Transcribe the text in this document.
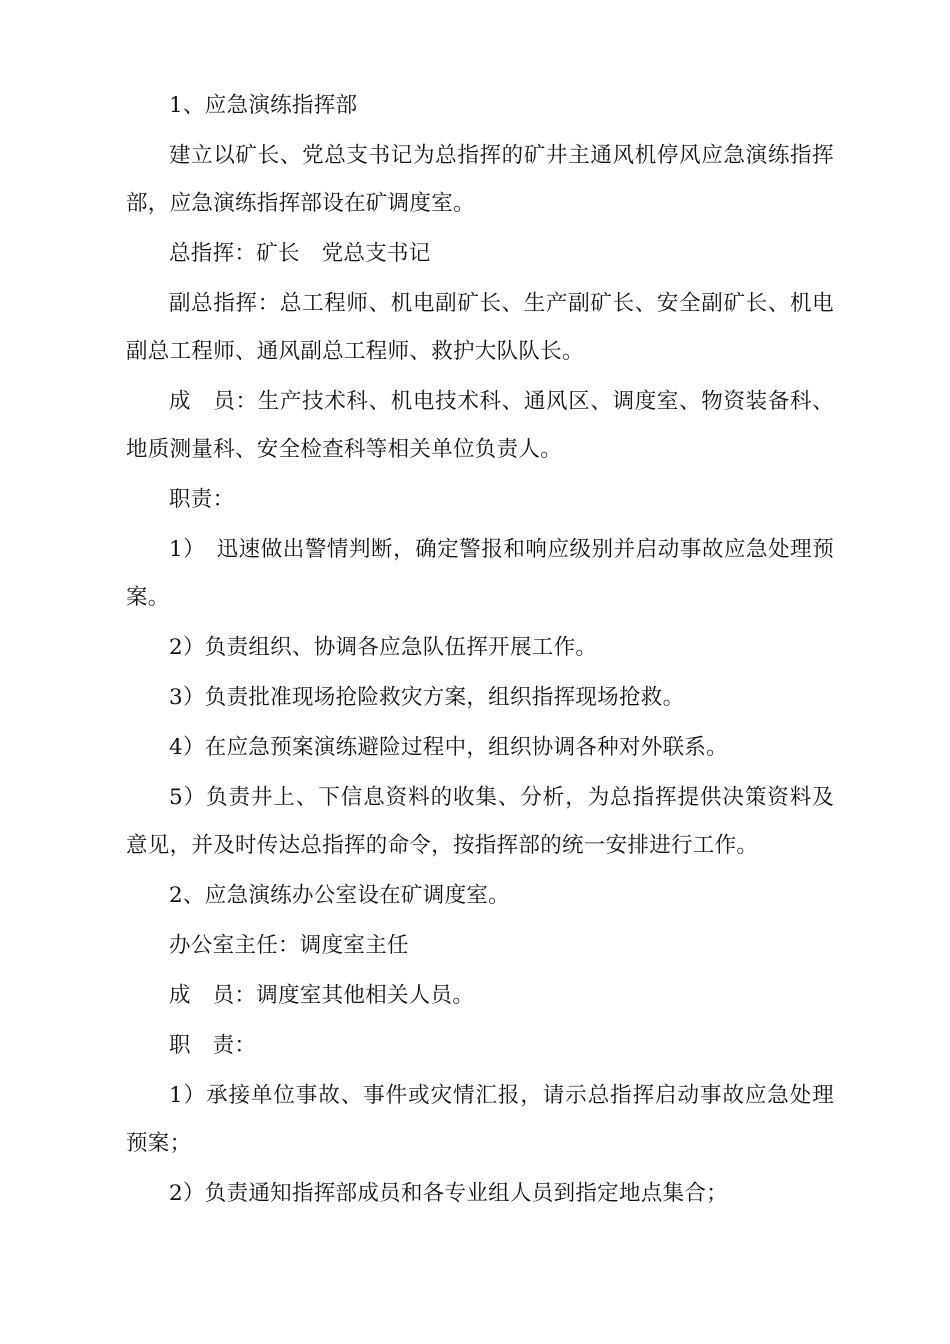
1、应急演练指挥部

建立以矿长、党总支书记为总指挥的矿井主通风机停风应急演练指挥部，应急演练指挥部设在矿调度室。

总指挥：矿长　党总支书记

副总指挥：总工程师、机电副矿长、生产副矿长、安全副矿长、机电副总工程师、通风副总工程师、救护大队队长。

成　员：生产技术科、机电技术科、通风区、调度室、物资装备科、地质测量科、安全检查科等相关单位负责人。

职责：

1）　迅速做出警情判断，确定警报和响应级别并启动事故应急处理预案。

2）负责组织、协调各应急队伍挥开展工作。

3）负责批准现场抢险救灾方案，组织指挥现场抢救。

4）在应急预案演练避险过程中，组织协调各种对外联系。

5）负责井上、下信息资料的收集、分析，为总指挥提供决策资料及意见，并及时传达总指挥的命令，按指挥部的统一安排进行工作。

2、应急演练办公室设在矿调度室。

办公室主任：调度室主任

成　员：调度室其他相关人员。

职　责：

1）承接单位事故、事件或灾情汇报，请示总指挥启动事故应急处理预案；

2）负责通知指挥部成员和各专业组人员到指定地点集合；
